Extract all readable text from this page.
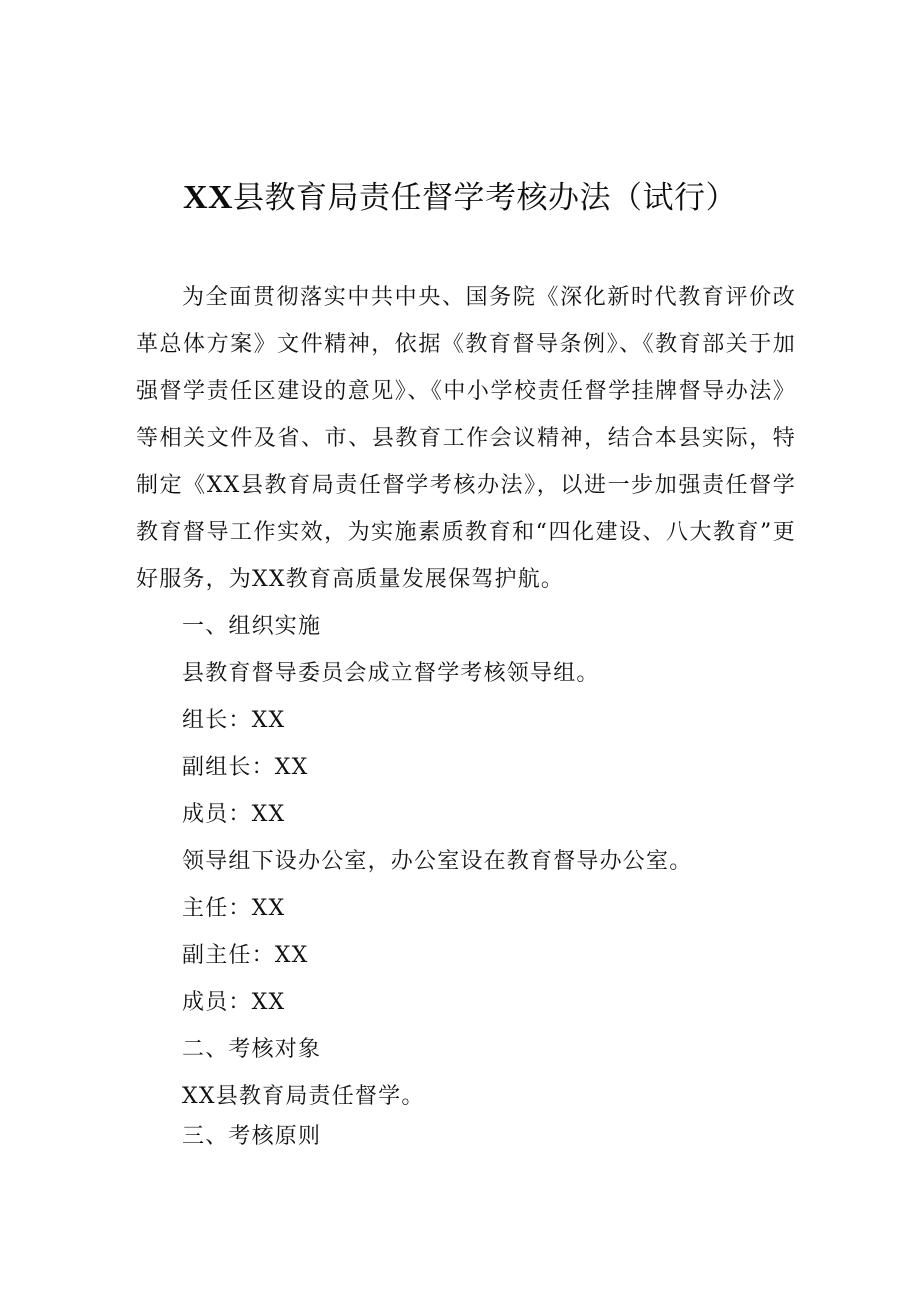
XX县教育局责任督学考核办法（试行）

为全面贯彻落实中共中央、国务院《深化新时代教育评价改革总体方案》文件精神，依据《教育督导条例》、《教育部关于加强督学责任区建设的意见》、《中小学校责任督学挂牌督导办法》等相关文件及省、市、县教育工作会议精神，结合本县实际，特制定《XX县教育局责任督学考核办法》，以进一步加强责任督学教育督导工作实效，为实施素质教育和“四化建设、八大教育”更好服务，为XX教育高质量发展保驾护航。

一、组织实施

县教育督导委员会成立督学考核领导组。

组长：XX

副组长：XX

成员：XX

领导组下设办公室，办公室设在教育督导办公室。

主任：XX

副主任：XX

成员：XX

二、考核对象

XX县教育局责任督学。

三、考核原则
